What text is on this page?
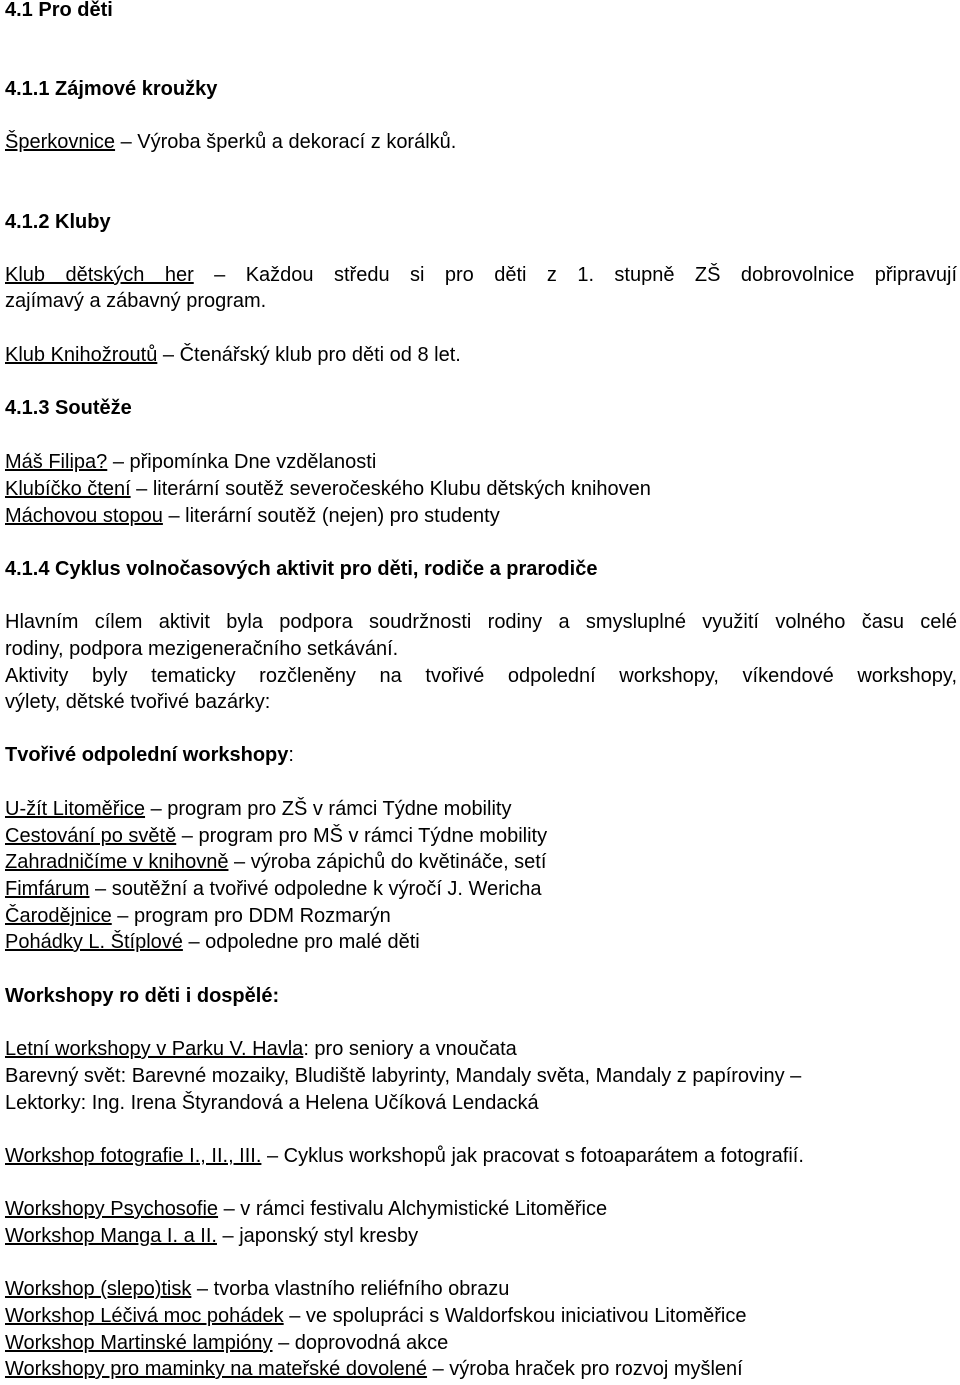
4.1 Pro děti
4.1.1 Zájmové kroužky
Šperkovnice – Výroba šperků a dekorací z korálků.
4.1.2 Kluby
Klub dětských her – Každou středu si pro děti z 1. stupně ZŠ dobrovolnice připravují
zajímavý a zábavný program.
Klub Knihožroutů – Čtenářský klub pro děti od 8 let.
4.1.3 Soutěže
Máš Filipa? – připomínka Dne vzdělanosti
Klubíčko čtení – literární soutěž severočeského Klubu dětských knihoven
Máchovou stopou – literární soutěž (nejen) pro studenty
4.1.4 Cyklus volnočasových aktivit pro děti, rodiče a prarodiče
Hlavním cílem aktivit byla podpora soudržnosti rodiny a smysluplné využití volného času celé
rodiny, podpora mezigeneračního setkávání.
Aktivity byly tematicky rozčleněny na tvořivé odpolední workshopy, víkendové workshopy,
výlety, dětské tvořivé bazárky:
Tvořivé odpolední workshopy:
U-žít Litoměřice – program pro ZŠ v rámci Týdne mobility
Cestování po světě – program pro MŠ v rámci Týdne mobility
Zahradničíme v knihovně – výroba zápichů do květináče, setí
Fimfárum – soutěžní a tvořivé odpoledne k výročí J. Wericha
Čarodějnice – program pro DDM Rozmarýn
Pohádky L. Štíplové – odpoledne pro malé děti
Workshopy ro děti i dospělé:
Letní workshopy v Parku V. Havla: pro seniory a vnoučata
Barevný svět: Barevné mozaiky, Bludiště labyrinty, Mandaly světa, Mandaly z papíroviny –
Lektorky: Ing. Irena Štyrandová a Helena Učíková Lendacká
Workshop fotografie I., II., III. – Cyklus workshopů jak pracovat s fotoaparátem a fotografií.
Workshopy Psychosofie – v rámci festivalu Alchymistické Litoměřice
Workshop Manga I. a II. – japonský styl kresby
Workshop (slepo)tisk – tvorba vlastního reliéfního obrazu
Workshop Léčivá moc pohádek – ve spolupráci s Waldorfskou iniciativou Litoměřice
Workshop Martinské lampióny – doprovodná akce
Workshopy pro maminky na mateřské dovolené – výroba hraček pro rozvoj myšlení
